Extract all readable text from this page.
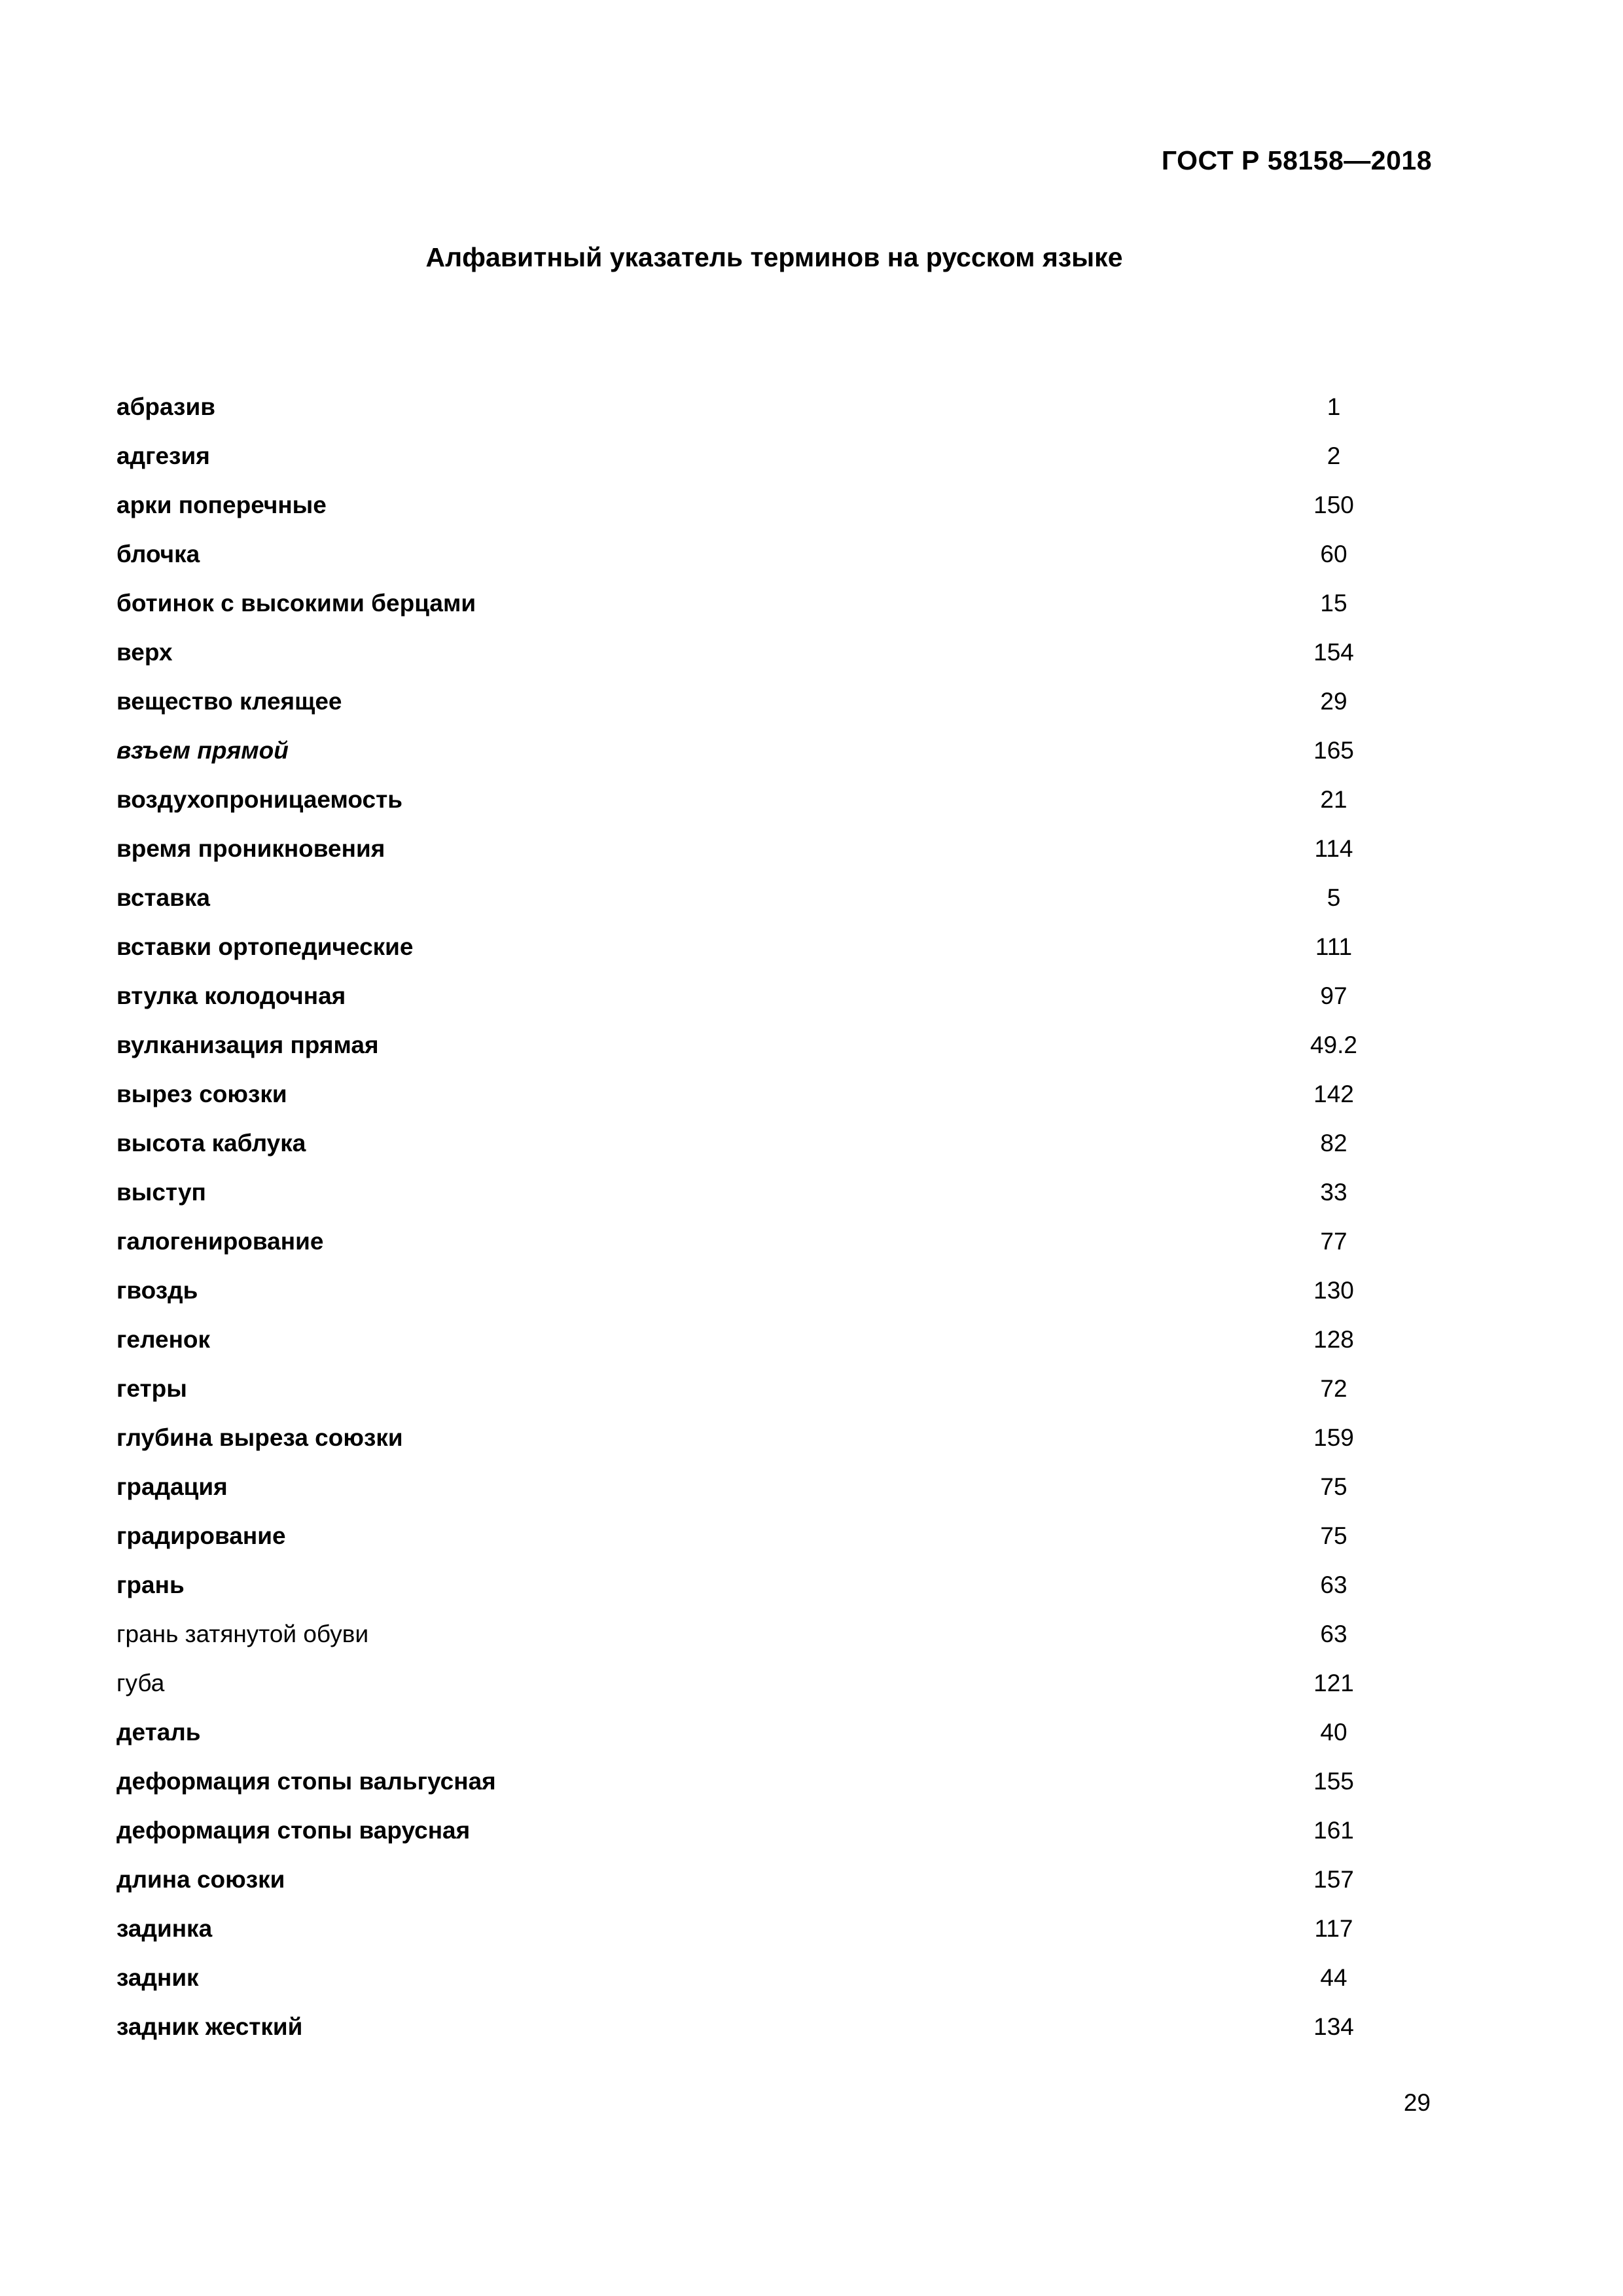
ГОСТ Р 58158—2018
Алфавитный указатель терминов на русском языке
абразив	1
адгезия	2
арки поперечные	150
блочка	60
ботинок с высокими берцами	15
верх	154
вещество клеящее	29
взъем прямой	165
воздухопроницаемость	21
время проникновения	114
вставка	5
вставки ортопедические	111
втулка колодочная	97
вулканизация прямая	49.2
вырез союзки	142
высота каблука	82
выступ	33
галогенирование	77
гвоздь	130
геленок	128
гетры	72
глубина выреза союзки	159
градация	75
градирование	75
грань	63
грань затянутой обуви	63
губа	121
деталь	40
деформация стопы вальгусная	155
деформация стопы варусная	161
длина союзки	157
задинка	117
задник	44
задник жесткий	134
29
